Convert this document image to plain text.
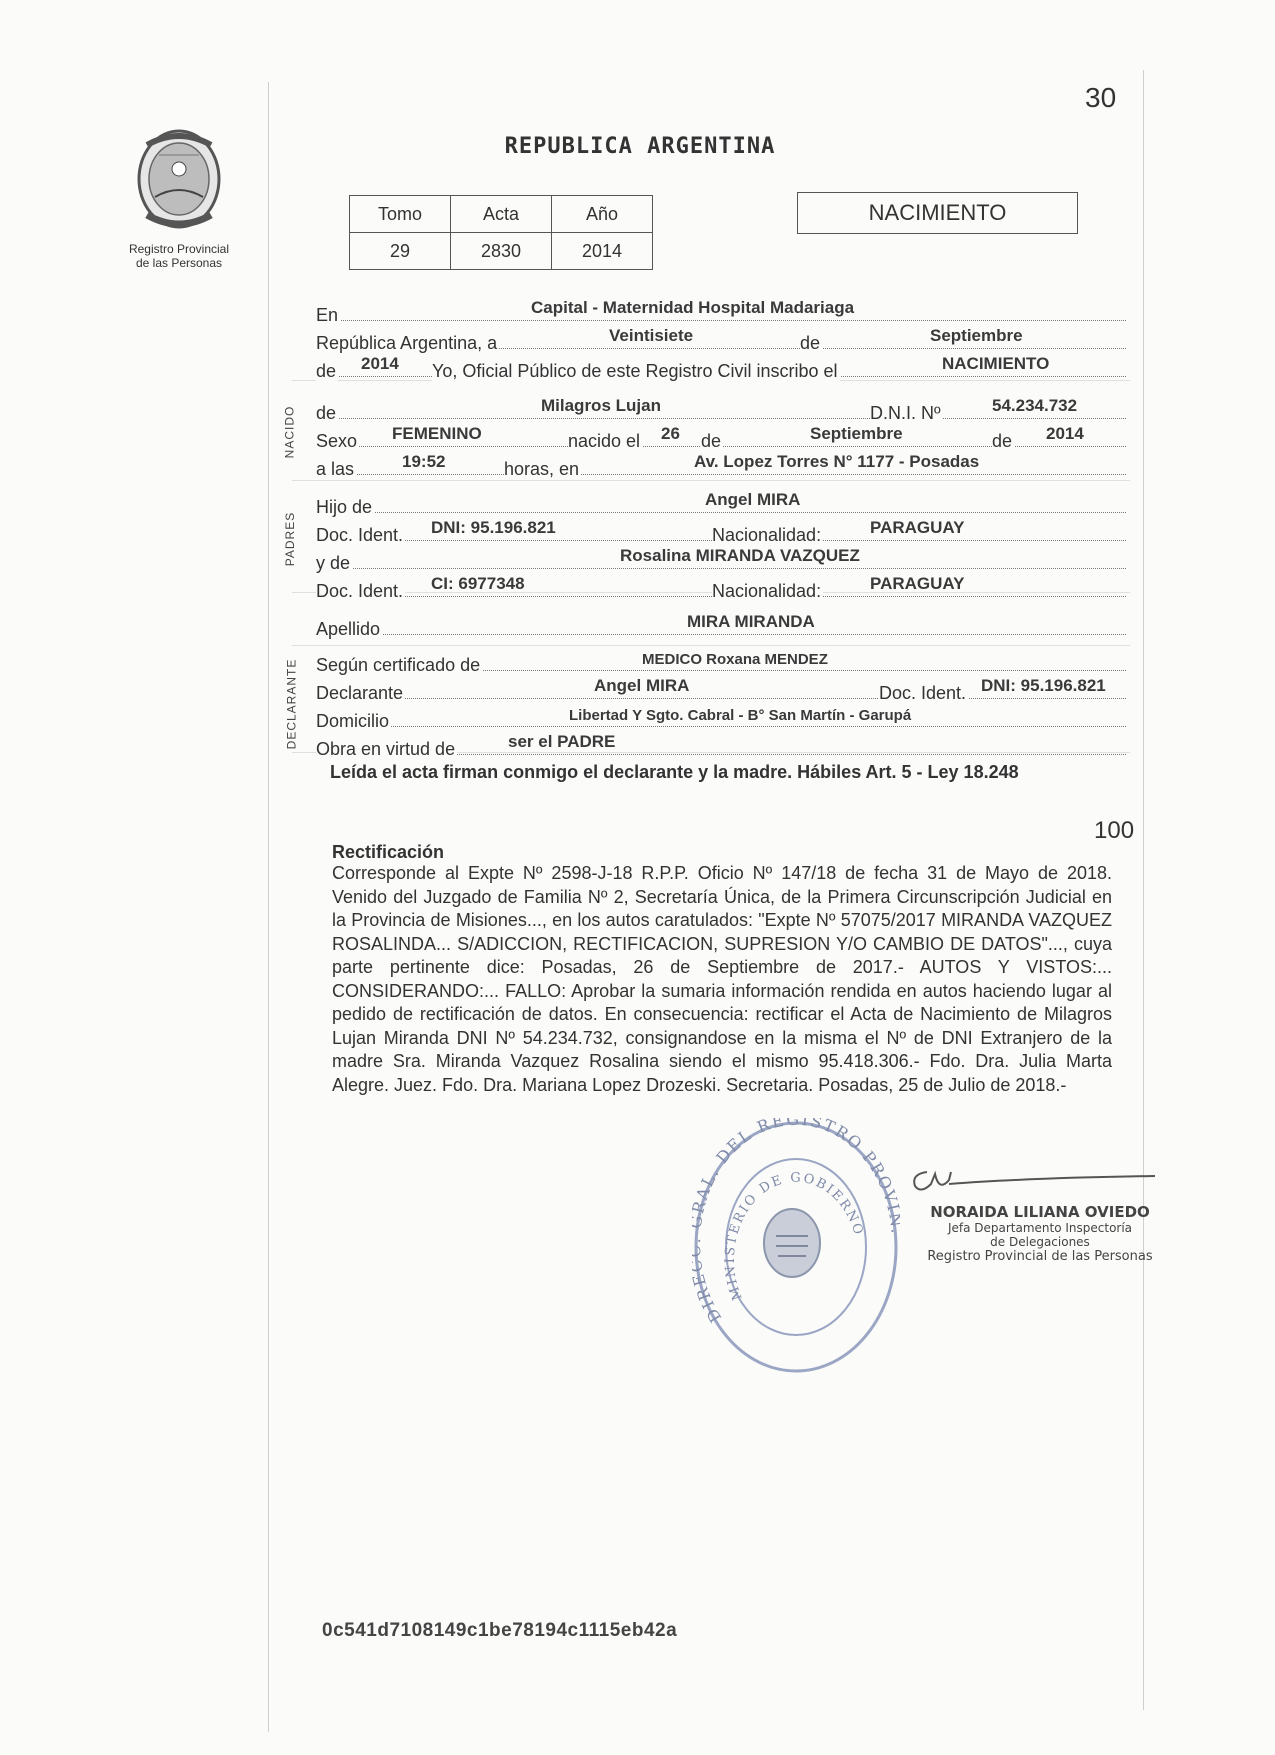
Registro Provincial
de las Personas
30
REPUBLICA ARGENTINA
Tomo	Acta	Año
29	2830	2014
NACIMIENTO
NACIDO
PADRES
DECLARANTE
En	Capital - Maternidad Hospital Madariaga
República Argentina, a	Veintisiete	de	Septiembre
de 2014 Yo, Oficial Público de este Registro Civil inscribo el	NACIMIENTO
de	Milagros Lujan	D.N.I. Nº	54.234.732
Sexo FEMENINO	nacido el 26 de	Septiembre	de 2014
a las	19:52	horas, en	Av. Lopez Torres N° 1177 - Posadas
Hijo de	Angel MIRA
Doc. Ident. DNI: 95.196.821	Nacionalidad:	PARAGUAY
y de	Rosalina MIRANDA VAZQUEZ
Doc. Ident. CI: 6977348	Nacionalidad:	PARAGUAY
Apellido	MIRA MIRANDA
Según certificado de	MEDICO Roxana MENDEZ
Declarante	Angel MIRA	Doc. Ident. DNI: 95.196.821
Domicilio	Libertad Y Sgto. Cabral - B° San Martín - Garupá
Obra en virtud de	ser el PADRE
Leída el acta firman conmigo el declarante y la madre. Hábiles Art. 5 - Ley 18.248
100
Rectificación
Corresponde al Expte Nº 2598-J-18 R.P.P. Oficio Nº 147/18 de fecha 31 de Mayo de 2018. Venido del Juzgado de Familia Nº 2, Secretaría Única, de la Primera Circunscripción Judicial en la Provincia de Misiones..., en los autos caratulados: "Expte Nº 57075/2017 MIRANDA VAZQUEZ ROSALINDA... S/ADICCION, RECTIFICACION, SUPRESION Y/O CAMBIO DE DATOS"..., cuya parte pertinente dice: Posadas, 26 de Septiembre de 2017.- AUTOS Y VISTOS:... CONSIDERANDO:... FALLO: Aprobar la sumaria información rendida en autos haciendo lugar al pedido de rectificación de datos. En consecuencia: rectificar el Acta de Nacimiento de Milagros Lujan Miranda DNI Nº 54.234.732, consignandose en la misma el Nº de DNI Extranjero de la madre Sra. Miranda Vazquez Rosalina siendo el mismo 95.418.306.- Fdo. Dra. Julia Marta Alegre. Juez. Fdo. Dra. Mariana Lopez Drozeski. Secretaria. Posadas, 25 de Julio de 2018.-
DIR AL. DEL REGISTRO PROV
MINISTERIO DE GOBIERNO
NORAIDA LILIANA OVIEDO
Jefa Departamento Inspectoría
de Delegaciones
Registro Provincial de las Personas
0c541d7108149c1be78194c1115eb42a
